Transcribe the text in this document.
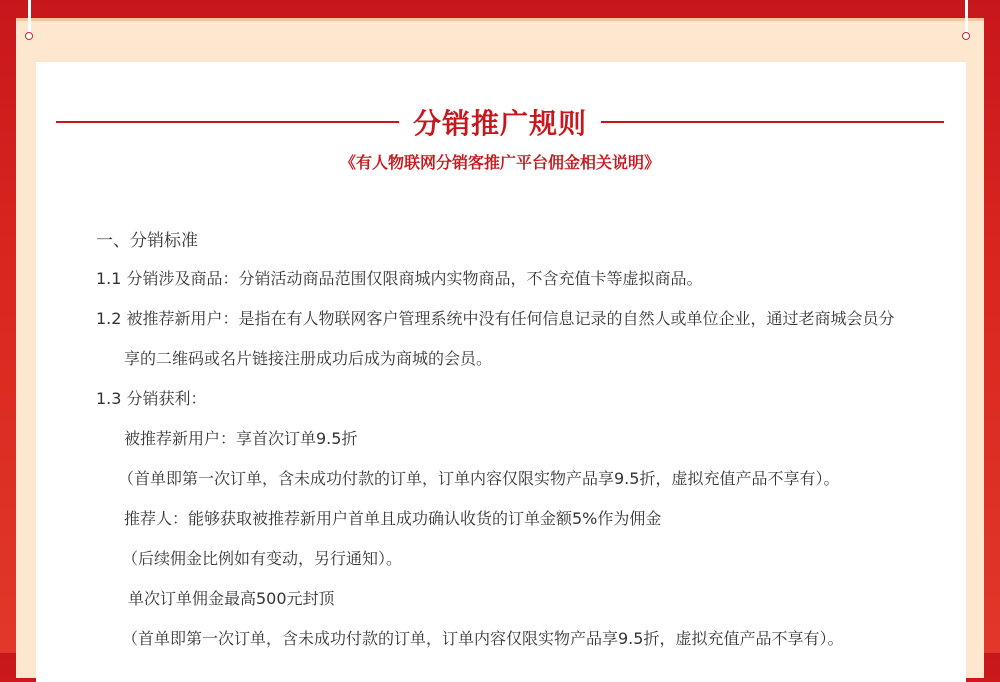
分销推广规则
《有人物联网分销客推广平台佣金相关说明》
一、分销标准
1.1 分销涉及商品：分销活动商品范围仅限商城内实物商品，不含充值卡等虚拟商品。
1.2 被推荐新用户：是指在有人物联网客户管理系统中没有任何信息记录的自然人或单位企业，通过老商城会员分
享的二维码或名片链接注册成功后成为商城的会员。
1.3 分销获利：
被推荐新用户：享首次订单9.5折
（首单即第一次订单，含未成功付款的订单，订单内容仅限实物产品享9.5折，虚拟充值产品不享有）。
推荐人：能够获取被推荐新用户首单且成功确认收货的订单金额5%作为佣金
（后续佣金比例如有变动，另行通知）。
单次订单佣金最高500元封顶
（首单即第一次订单，含未成功付款的订单，订单内容仅限实物产品享9.5折，虚拟充值产品不享有）。
